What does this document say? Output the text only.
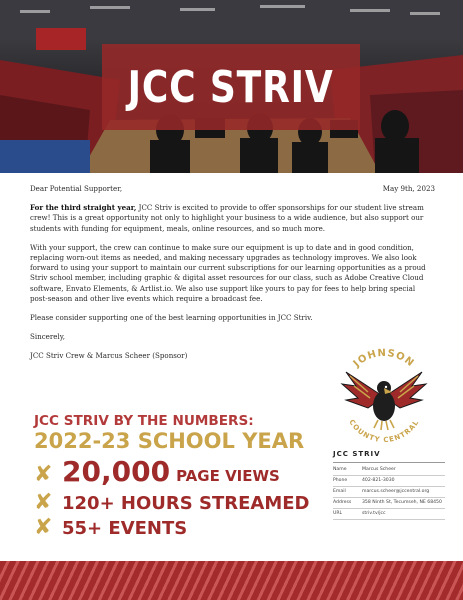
JCC STRIV
Dear Potential Supporter,	May 9th, 2023

For the third straight year, JCC Striv is excited to provide to offer sponsorships for our student live stream crew! This is a great opportunity not only to highlight your business to a wide audience, but also support our students with funding for equipment, meals, online resources, and so much more.

With your support, the crew can continue to make sure our equipment is up to date and in good condition, replacing worn-out items as needed, and making necessary upgrades as technology improves. We also look forward to using your support to maintain our current subscriptions for our learning opportunities as a proud Striv school member, including graphic & digital asset resources for our class, such as Adobe Creative Cloud software, Envato Elements, & Artlist.io. We also use support like yours to pay for fees to help bring special post-season and other live events which require a broadcast fee.

Please consider supporting one of the best learning opportunities in JCC Striv.

Sincerely,

JCC Striv Crew & Marcus Scheer (Sponsor)

JOHNSON
COUNTY CENTRAL
JCC STRIV BY THE NUMBERS:
2022-23 SCHOOL YEAR
✘ 20,000 PAGE VIEWS
✘ 120+ HOURS STREAMED
✘ 55+ EVENTS
JCC STRIV
Name	Marcus Scheer
Phone	402-821-3030
Email	marcus.scheer@jccentral.org
Address	358 Ninth St, Tecumseh, NE 68450
URL	striv.tv/jcc
